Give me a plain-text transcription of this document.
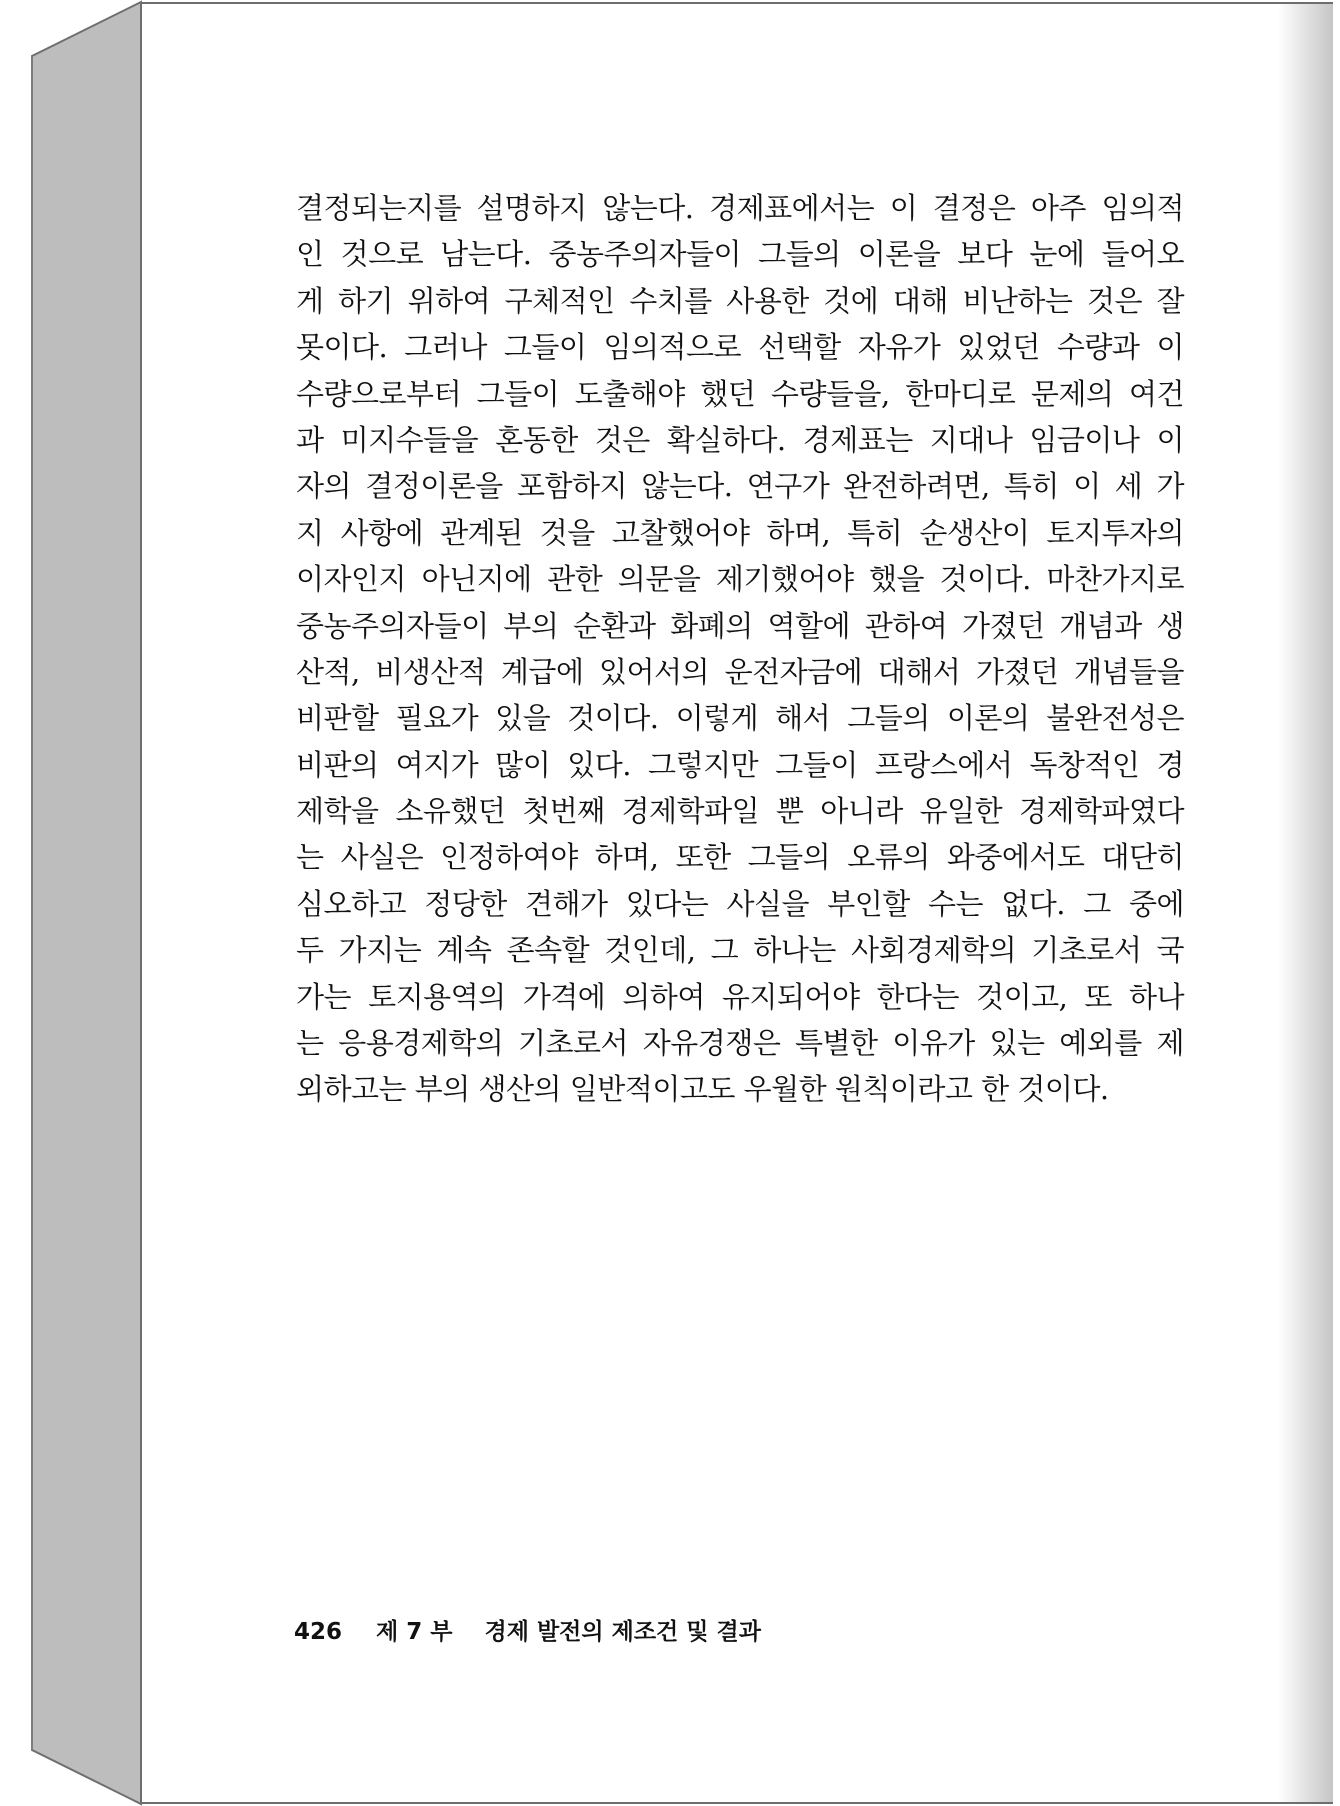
결정되는지를 설명하지 않는다. 경제표에서는 이 결정은 아주 임의적
인 것으로 남는다. 중농주의자들이 그들의 이론을 보다 눈에 들어오
게 하기 위하여 구체적인 수치를 사용한 것에 대해 비난하는 것은 잘
못이다. 그러나 그들이 임의적으로 선택할 자유가 있었던 수량과 이
수량으로부터 그들이 도출해야 했던 수량들을, 한마디로 문제의 여건
과 미지수들을 혼동한 것은 확실하다. 경제표는 지대나 임금이나 이
자의 결정이론을 포함하지 않는다. 연구가 완전하려면, 특히 이 세 가
지 사항에 관계된 것을 고찰했어야 하며, 특히 순생산이 토지투자의
이자인지 아닌지에 관한 의문을 제기했어야 했을 것이다. 마찬가지로
중농주의자들이 부의 순환과 화폐의 역할에 관하여 가졌던 개념과 생
산적, 비생산적 계급에 있어서의 운전자금에 대해서 가졌던 개념들을
비판할 필요가 있을 것이다. 이렇게 해서 그들의 이론의 불완전성은
비판의 여지가 많이 있다. 그렇지만 그들이 프랑스에서 독창적인 경
제학을 소유했던 첫번째 경제학파일 뿐 아니라 유일한 경제학파였다
는 사실은 인정하여야 하며, 또한 그들의 오류의 와중에서도 대단히
심오하고 정당한 견해가 있다는 사실을 부인할 수는 없다. 그 중에
두 가지는 계속 존속할 것인데, 그 하나는 사회경제학의 기초로서 국
가는 토지용역의 가격에 의하여 유지되어야 한다는 것이고, 또 하나
는 응용경제학의 기초로서 자유경쟁은 특별한 이유가 있는 예외를 제
외하고는 부의 생산의 일반적이고도 우월한 원칙이라고 한 것이다.
426 제 7 부 경제 발전의 제조건 및 결과
